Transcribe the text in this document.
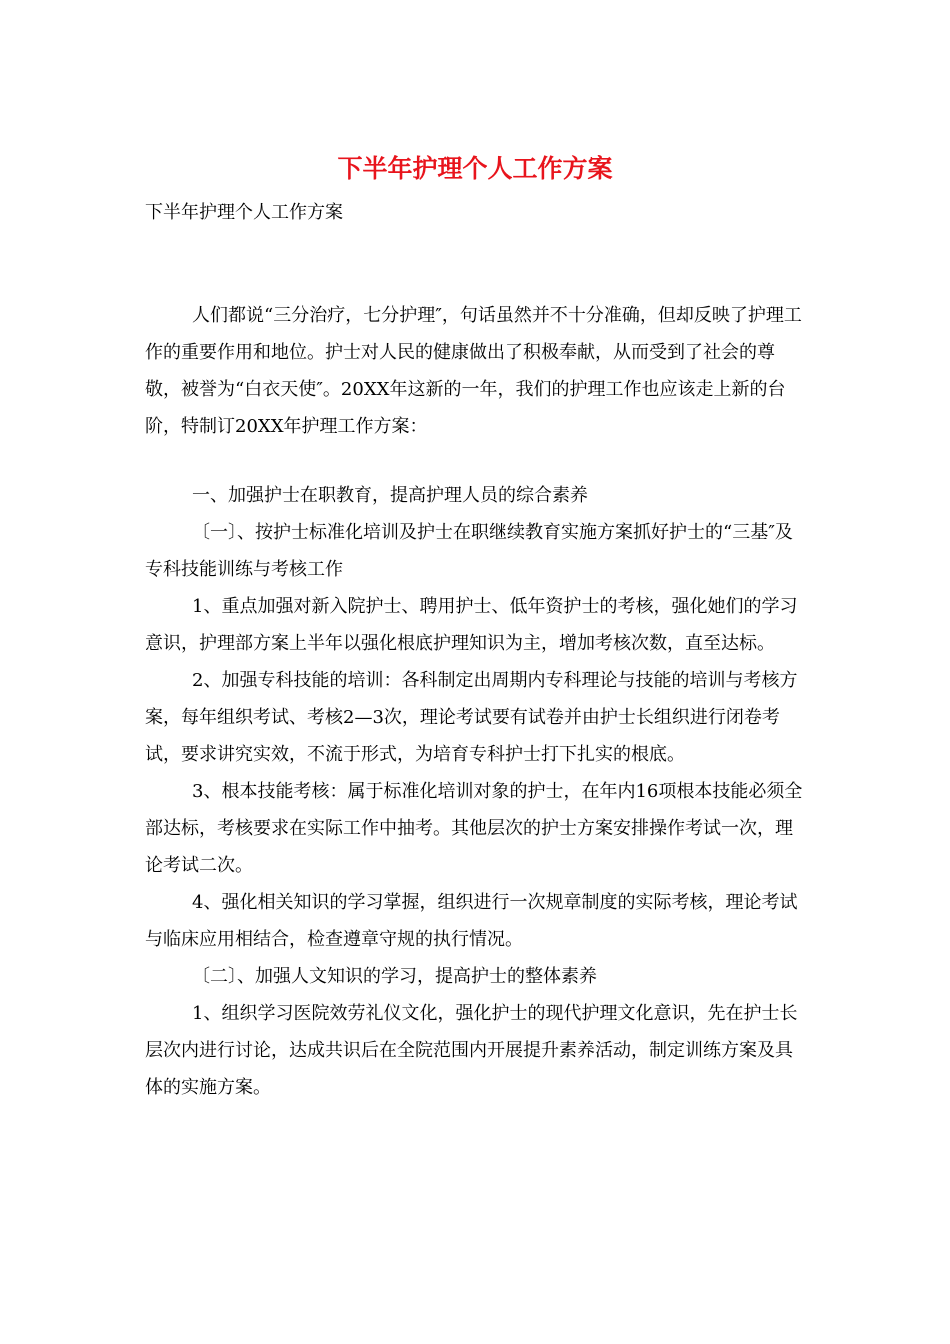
下半年护理个人工作方案
下半年护理个人工作方案

人们都说“三分治疗，七分护理″，句话虽然并不十分准确，但却反映了护理工作的重要作用和地位。护士对人民的健康做出了积极奉献，从而受到了社会的尊敬，被誉为“白衣天使″。20XX年这新的一年，我们的护理工作也应该走上新的台阶，特制订20XX年护理工作方案：

一、加强护士在职教育，提高护理人员的综合素养

〔一〕、按护士标准化培训及护士在职继续教育实施方案抓好护士的“三基″及专科技能训练与考核工作

1、重点加强对新入院护士、聘用护士、低年资护士的考核，强化她们的学习意识，护理部方案上半年以强化根底护理知识为主，增加考核次数，直至达标。

2、加强专科技能的培训：各科制定出周期内专科理论与技能的培训与考核方案，每年组织考试、考核2—3次，理论考试要有试卷并由护士长组织进行闭卷考试，要求讲究实效，不流于形式，为培育专科护士打下扎实的根底。

3、根本技能考核：属于标准化培训对象的护士，在年内16项根本技能必须全部达标，考核要求在实际工作中抽考。其他层次的护士方案安排操作考试一次，理论考试二次。

4、强化相关知识的学习掌握，组织进行一次规章制度的实际考核，理论考试与临床应用相结合，检查遵章守规的执行情况。

〔二〕、加强人文知识的学习，提高护士的整体素养

1、组织学习医院效劳礼仪文化，强化护士的现代护理文化意识，先在护士长层次内进行讨论，达成共识后在全院范围内开展提升素养活动，制定训练方案及具体的实施方案。
